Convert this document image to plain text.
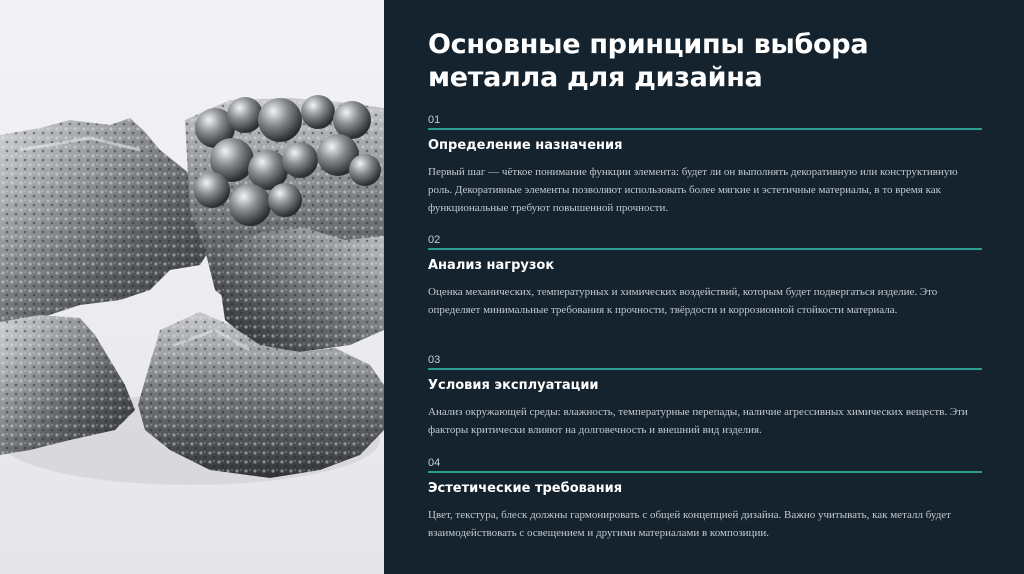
Основные принципы выбора металла для дизайна
01
Определение назначения
Первый шаг — чёткое понимание функции элемента: будет ли он выполнять декоративную или конструктивную роль. Декоративные элементы позволяют использовать более мягкие и эстетичные материалы, в то время как функциональные требуют повышенной прочности.
02
Анализ нагрузок
Оценка механических, температурных и химических воздействий, которым будет подвергаться изделие. Это определяет минимальные требования к прочности, твёрдости и коррозионной стойкости материала.
03
Условия эксплуатации
Анализ окружающей среды: влажность, температурные перепады, наличие агрессивных химических веществ. Эти факторы критически влияют на долговечность и внешний вид изделия.
04
Эстетические требования
Цвет, текстура, блеск должны гармонировать с общей концепцией дизайна. Важно учитывать, как металл будет взаимодействовать с освещением и другими материалами в композиции.
